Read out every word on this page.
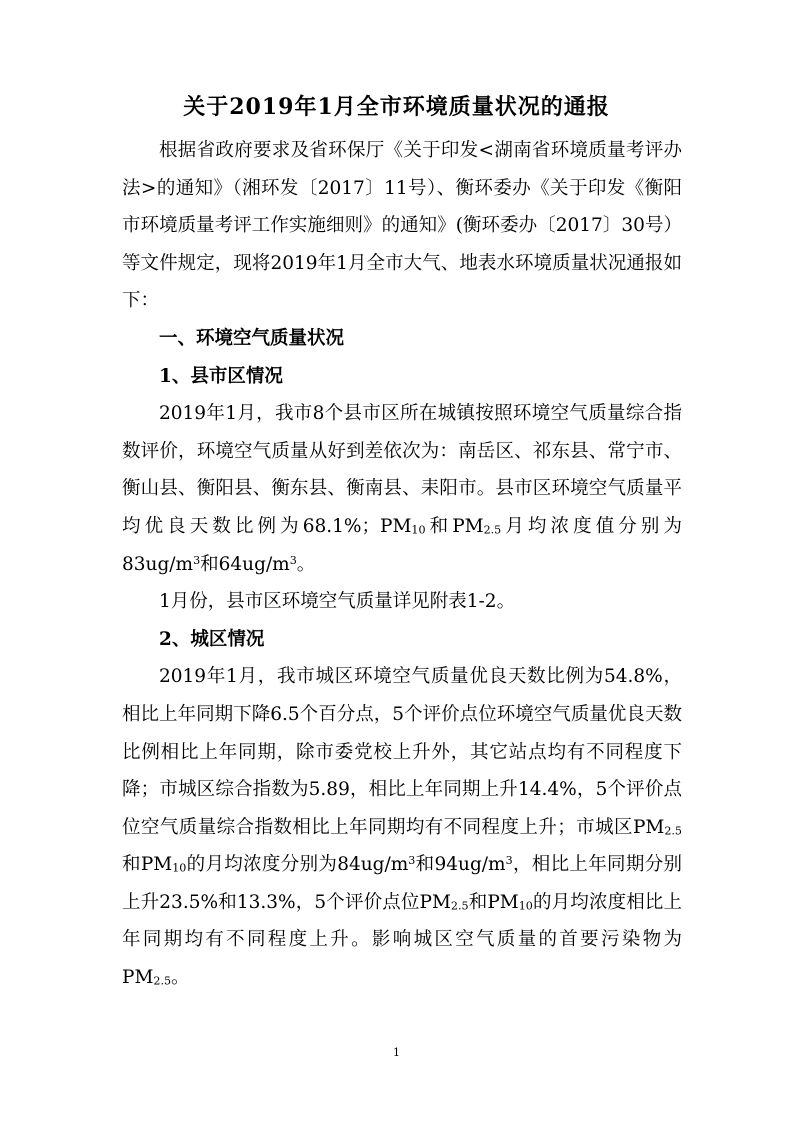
关于2019年1月全市环境质量状况的通报

根据省政府要求及省环保厅《关于印发<湖南省环境质量考评办法>的通知》（湘环发〔2017〕11号）、衡环委办《关于印发《衡阳市环境质量考评工作实施细则》的通知》(衡环委办〔2017〕30号）等文件规定，现将2019年1月全市大气、地表水环境质量状况通报如下：

一、环境空气质量状况

1、县市区情况

2019年1月，我市8个县市区所在城镇按照环境空气质量综合指数评价，环境空气质量从好到差依次为：南岳区、祁东县、常宁市、衡山县、衡阳县、衡东县、衡南县、耒阳市。县市区环境空气质量平均优良天数比例为68.1%；$PM_{10}$和$PM_{2.5}$月均浓度值分别为$83ug/m^3$和$64ug/m^3$。

1月份，县市区环境空气质量详见附表1-2。

2、城区情况

2019年1月，我市城区环境空气质量优良天数比例为54.8%，相比上年同期下降6.5个百分点，5个评价点位环境空气质量优良天数比例相比上年同期，除市委党校上升外，其它站点均有不同程度下降；市城区综合指数为5.89，相比上年同期上升14.4%，5个评价点位空气质量综合指数相比上年同期均有不同程度上升；市城区$PM_{2.5}$和$PM_{10}$的月均浓度分别为$84ug/m^3$和$94ug/m^3$，相比上年同期分别上升23.5%和13.3%，5个评价点位$PM_{2.5}$和$PM_{10}$的月均浓度相比上年同期均有不同程度上升。影响城区空气质量的首要污染物为$PM_{2.5}$。

1
